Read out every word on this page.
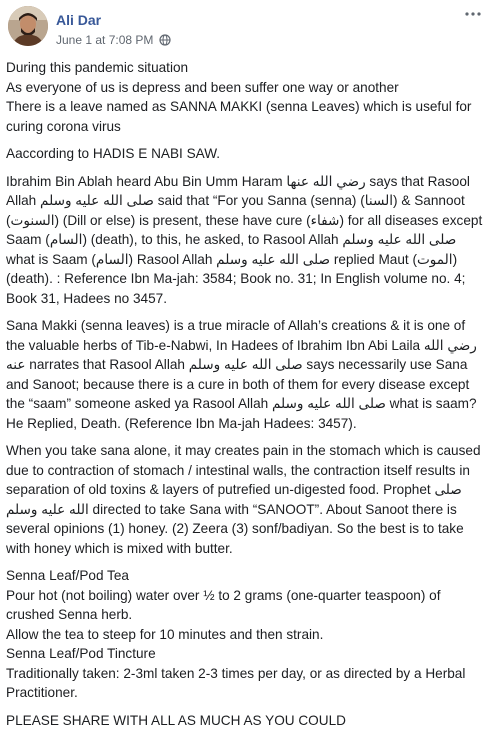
Ali Dar
June 1 at 7:08 PM

During this pandemic situation
As everyone of us is depress and been suffer one way or another
There is a leave named as SANNA MAKKI (senna Leaves) which is useful for curing corona virus

Aaccording to HADIS E NABI SAW.

Ibrahim Bin Ablah heard Abu Bin Umm Haram رضي الله عنها says that Rasool Allah صلى الله عليه وسلم said that “For you Sanna (senna) (السنا) & Sannoot (السنوت) (Dill or else) is present, these have cure (شفاء) for all diseases except Saam (السام) (death), to this, he asked, to Rasool Allah صلى الله عليه وسلم what is Saam (السام) Rasool Allah صلى الله عليه وسلم replied Maut (الموت) (death). : Reference Ibn Ma-jah: 3584; Book no. 31; In English volume no. 4; Book 31, Hadees no 3457.

Sana Makki (senna leaves) is a true miracle of Allah’s creations & it is one of the valuable herbs of Tib-e-Nabwi, In Hadees of Ibrahim Ibn Abi Laila رضي الله عنه narrates that Rasool Allah صلى الله عليه وسلم says necessarily use Sana and Sanoot; because there is a cure in both of them for every disease except the “saam” someone asked ya Rasool Allah صلى الله عليه وسلم what is saam? He Replied, Death. (Reference Ibn Ma-jah Hadees: 3457).

When you take sana alone, it may creates pain in the stomach which is caused due to contraction of stomach / intestinal walls, the contraction itself results in separation of old toxins & layers of putrefied un-digested food. Prophet صلى الله عليه وسلم directed to take Sana with “SANOOT”. About Sanoot there is several opinions (1) honey. (2) Zeera (3) sonf/badiyan. So the best is to take with honey which is mixed with butter.

Senna Leaf/Pod Tea
Pour hot (not boiling) water over ½ to 2 grams (one-quarter teaspoon) of crushed Senna herb.
Allow the tea to steep for 10 minutes and then strain.
Senna Leaf/Pod Tincture
Traditionally taken: 2-3ml taken 2-3 times per day, or as directed by a Herbal Practitioner.

PLEASE SHARE WITH ALL AS MUCH AS YOU COULD
